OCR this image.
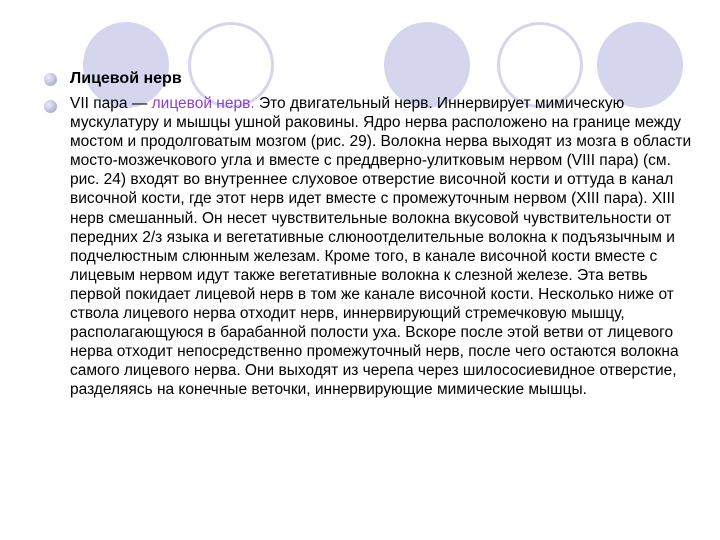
Лицевой нерв
VII пара — лицевой нерв. Это двигательный нерв. Иннервирует мимическую мускулатуру и мышцы ушной раковины. Ядро нерва расположено на границе между мостом и продолговатым мозгом (рис. 29). Волокна нерва выходят из мозга в области мосто-мозжечкового угла и вместе с преддверно-улитковым нервом (VIII пара) (см. рис. 24) входят во внутреннее слуховое отверстие височной кости и оттуда в канал височной кости, где этот нерв идет вместе с промежуточным нервом (XIII пара). XIII нерв смешанный. Он несет чувствительные волокна вкусовой чувствительности от передних 2/з языка и вегетативные слюноотделительные волокна к подъязычным и подчелюстным слюнным железам. Кроме того, в канале височной кости вместе с лицевым нервом идут также вегетативные волокна к слезной железе. Эта ветвь первой покидает лицевой нерв в том же канале височной кости. Несколько ниже от ствола лицевого нерва отходит нерв, иннервирующий стремечковую мышцу, располагающуюся в барабанной полости уха. Вскоре после этой ветви от лицевого нерва отходит непосредственно промежуточный нерв, после чего остаются волокна самого лицевого нерва. Они выходят из черепа через шилососиевидное отверстие, разделяясь на конечные веточки, иннервирующие мимические мышцы.
